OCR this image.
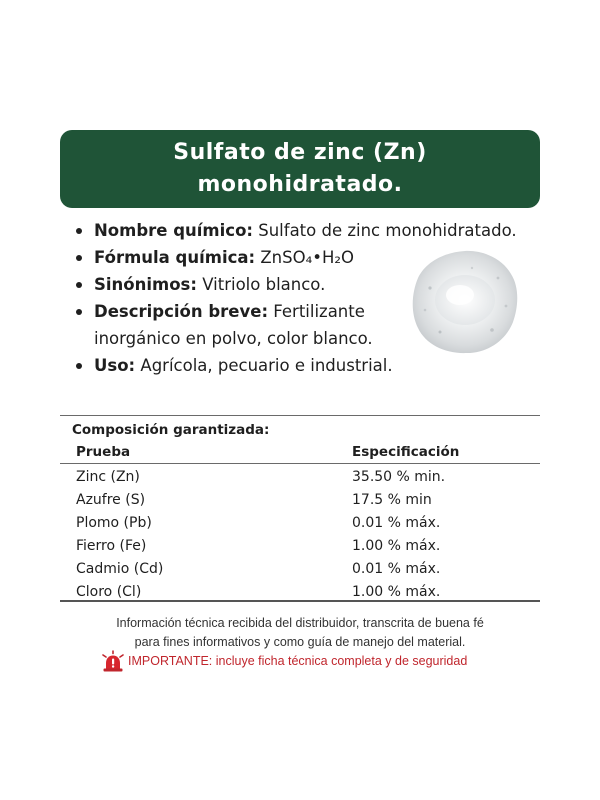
Sulfato de zinc (Zn)
monohidratado.
Nombre químico: Sulfato de zinc monohidratado.
Fórmula química: ZnSO₄•H₂O
Sinónimos: Vitriolo blanco.
Descripción breve: Fertilizante inorgánico en polvo, color blanco.
Uso: Agrícola, pecuario e industrial.
Composición garantizada:
Prueba	Especificación
Zinc (Zn)	35.50 % min.
Azufre (S)	17.5 % min
Plomo (Pb)	0.01 % máx.
Fierro (Fe)	1.00 % máx.
Cadmio (Cd)	0.01 % máx.
Cloro (Cl)	1.00 % máx.
Información técnica recibida del distribuidor, transcrita de buena fé
para fines informativos y como guía de manejo del material.
IMPORTANTE: incluye ficha técnica completa y de seguridad
